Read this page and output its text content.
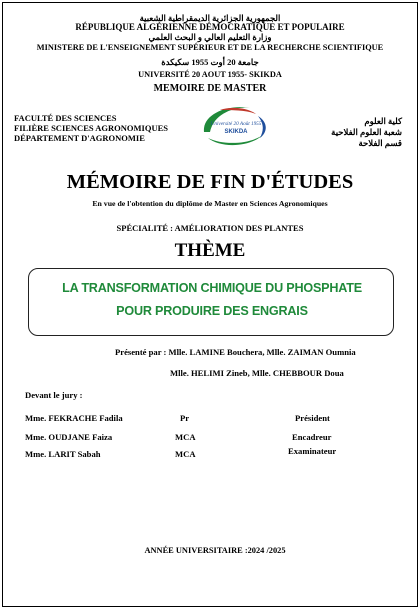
الجمهورية الجزائرية الديمقراطية الشعبية
RÉPUBLIQUE ALGÉRIENNE DÉMOCRATIQUE ET POPULAIRE
وزارة التعليم العالي و البحث العلمي
MINISTERE DE L'ENSEIGNEMENT SUPÉRIEUR ET DE LA RECHERCHE SCIENTIFIQUE
جامعة 20 أوت 1955 سكيكدة
UNIVERSITÉ 20 AOUT 1955- SKIKDA
MEMOIRE DE MASTER
FACULTÉ DES SCIENCES
FILIÈRE SCIENCES AGRONOMIQUES
DÉPARTEMENT D'AGRONOMIE
كلية العلوم
شعبة العلوم الفلاحية
قسم الفلاحة
Université 20 Août 1955
SKIKDA
MÉMOIRE DE FIN D'ÉTUDES
En vue de l'obtention du diplôme de Master en Sciences Agronomiques
SPÉCIALITÉ : AMÉLIORATION DES PLANTES
THÈME
LA TRANSFORMATION CHIMIQUE DU PHOSPHATE
POUR PRODUIRE DES ENGRAIS
Présenté par : Mlle. LAMINE Bouchera, Mlle. ZAIMAN Oumnia
Mlle. HELIMI Zineb, Mlle. CHEBBOUR Doua
Devant le jury :
Mme. FEKRACHE Fadila	Pr	Président
Mme. OUDJANE Faiza	MCA	Encadreur
Mme. LARIT Sabah	MCA	Examinateur
ANNÉE UNIVERSITAIRE :2024 /2025
